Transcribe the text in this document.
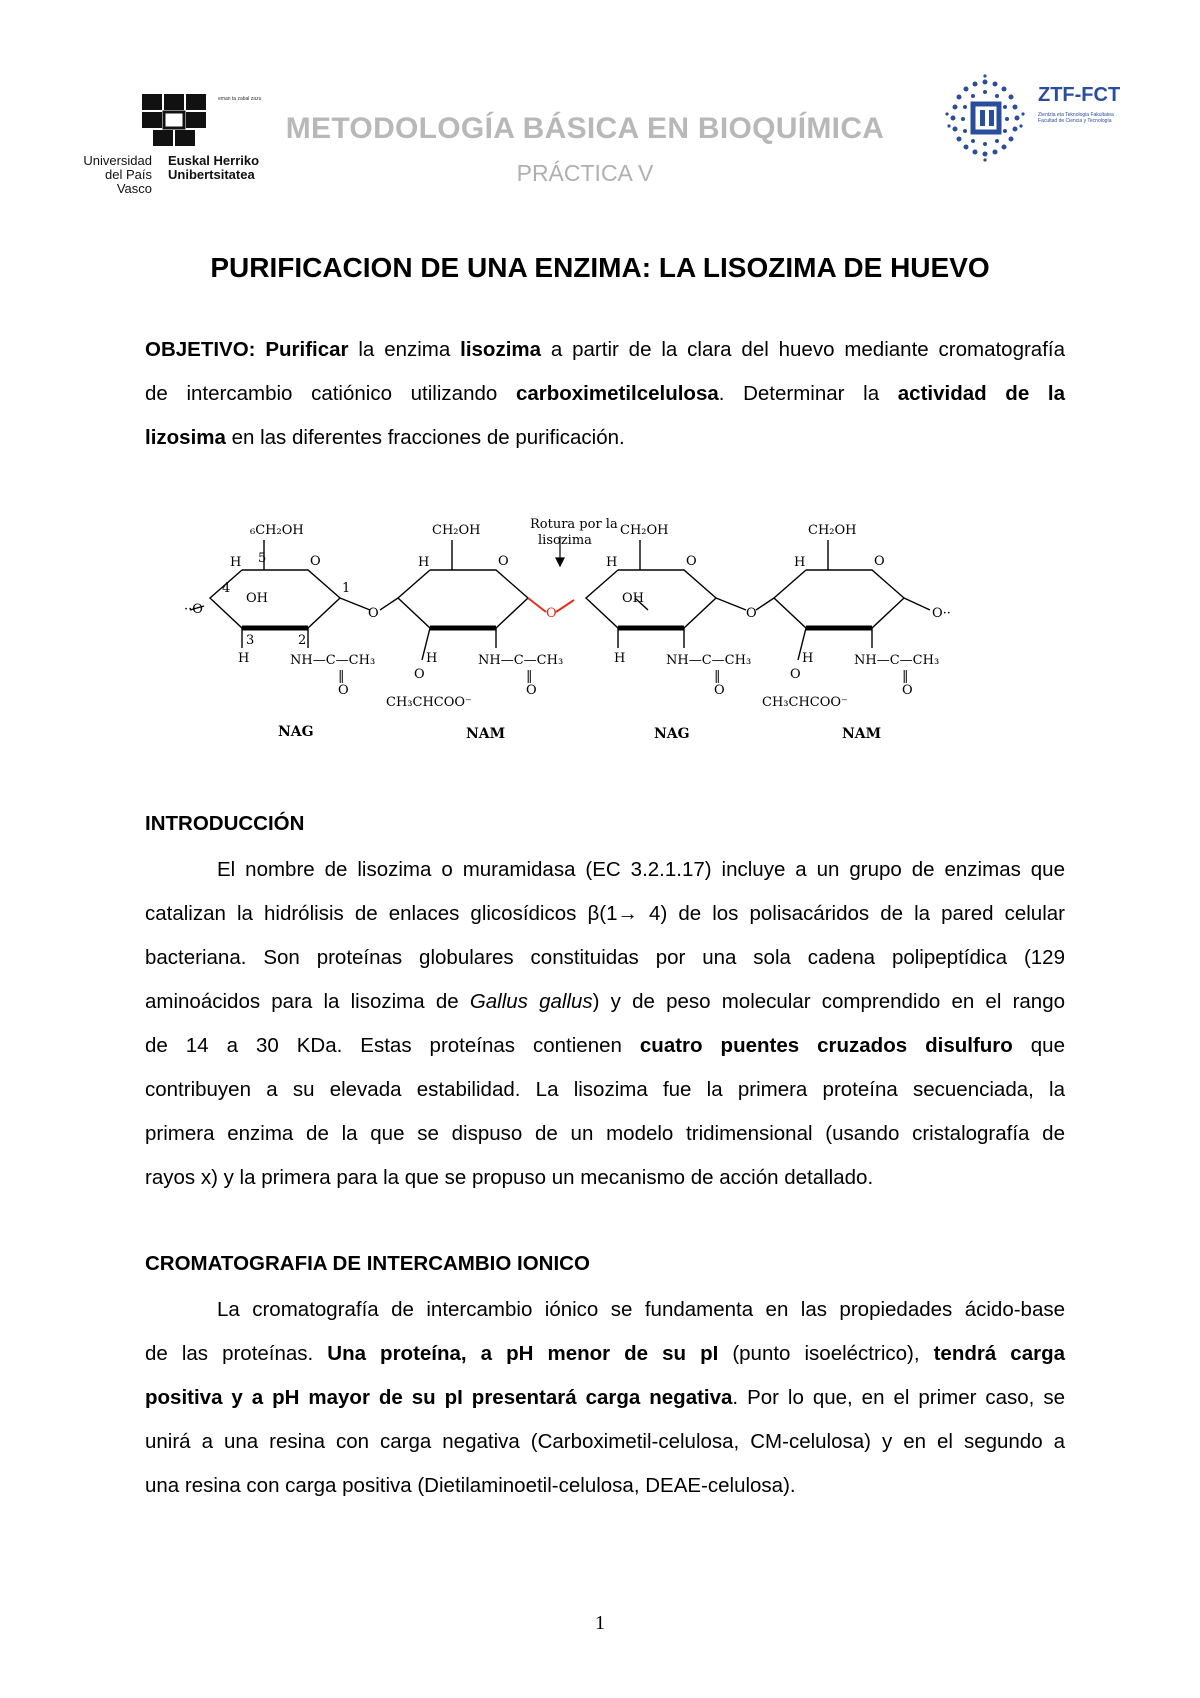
eman ta zabal zazu
Universidad
del País Vasco
Euskal Herriko
Unibertsitatea
METODOLOGÍA BÁSICA EN BIOQUÍMICA
PRÁCTICA V
ZTF-FCT
Zientzia eta Teknologia Fakultatea
Facultad de Ciencia y Tecnología
PURIFICACION DE UNA ENZIMA: LA LISOZIMA DE HUEVO
OBJETIVO: Purificar la enzima lisozima a partir de la clara del huevo mediante cromatografía
de intercambio catiónico utilizando carboximetilcelulosa. Determinar la actividad de la
lizosima en las diferentes fracciones de purificación.
Rotura por la
lisozima
O
O	O
··O	O··
₆CH₂OH	CH₂OH	CH₂OH	CH₂OH
O	O	O	O
OH	OH
H	H	H	H
H	H
H	H
4
5
1
3	2
NH—C—CH₃	NH—C—CH₃	NH—C—CH₃	NH—C—CH₃
‖	‖	‖	‖
O	O	O	O
O	O
CH₃CHCOO⁻	CH₃CHCOO⁻
NAG	NAM	NAG	NAM
INTRODUCCIÓN
El nombre de lisozima o muramidasa (EC 3.2.1.17) incluye a un grupo de enzimas que
catalizan la hidrólisis de enlaces glicosídicos β(1→ 4) de los polisacáridos de la pared celular
bacteriana. Son proteínas globulares constituidas por una sola cadena polipeptídica (129
aminoácidos para la lisozima de Gallus gallus) y de peso molecular comprendido en el rango
de 14 a 30 KDa. Estas proteínas contienen cuatro puentes cruzados disulfuro que
contribuyen a su elevada estabilidad. La lisozima fue la primera proteína secuenciada, la
primera enzima de la que se dispuso de un modelo tridimensional (usando cristalografía de
rayos x) y la primera para la que se propuso un mecanismo de acción detallado.
CROMATOGRAFIA DE INTERCAMBIO IONICO
La cromatografía de intercambio iónico se fundamenta en las propiedades ácido-base
de las proteínas. Una proteína, a pH menor de su pI (punto isoeléctrico), tendrá carga
positiva y a pH mayor de su pI presentará carga negativa. Por lo que, en el primer caso, se
unirá a una resina con carga negativa (Carboximetil-celulosa, CM-celulosa) y en el segundo a
una resina con carga positiva (Dietilaminoetil-celulosa, DEAE-celulosa).
1
